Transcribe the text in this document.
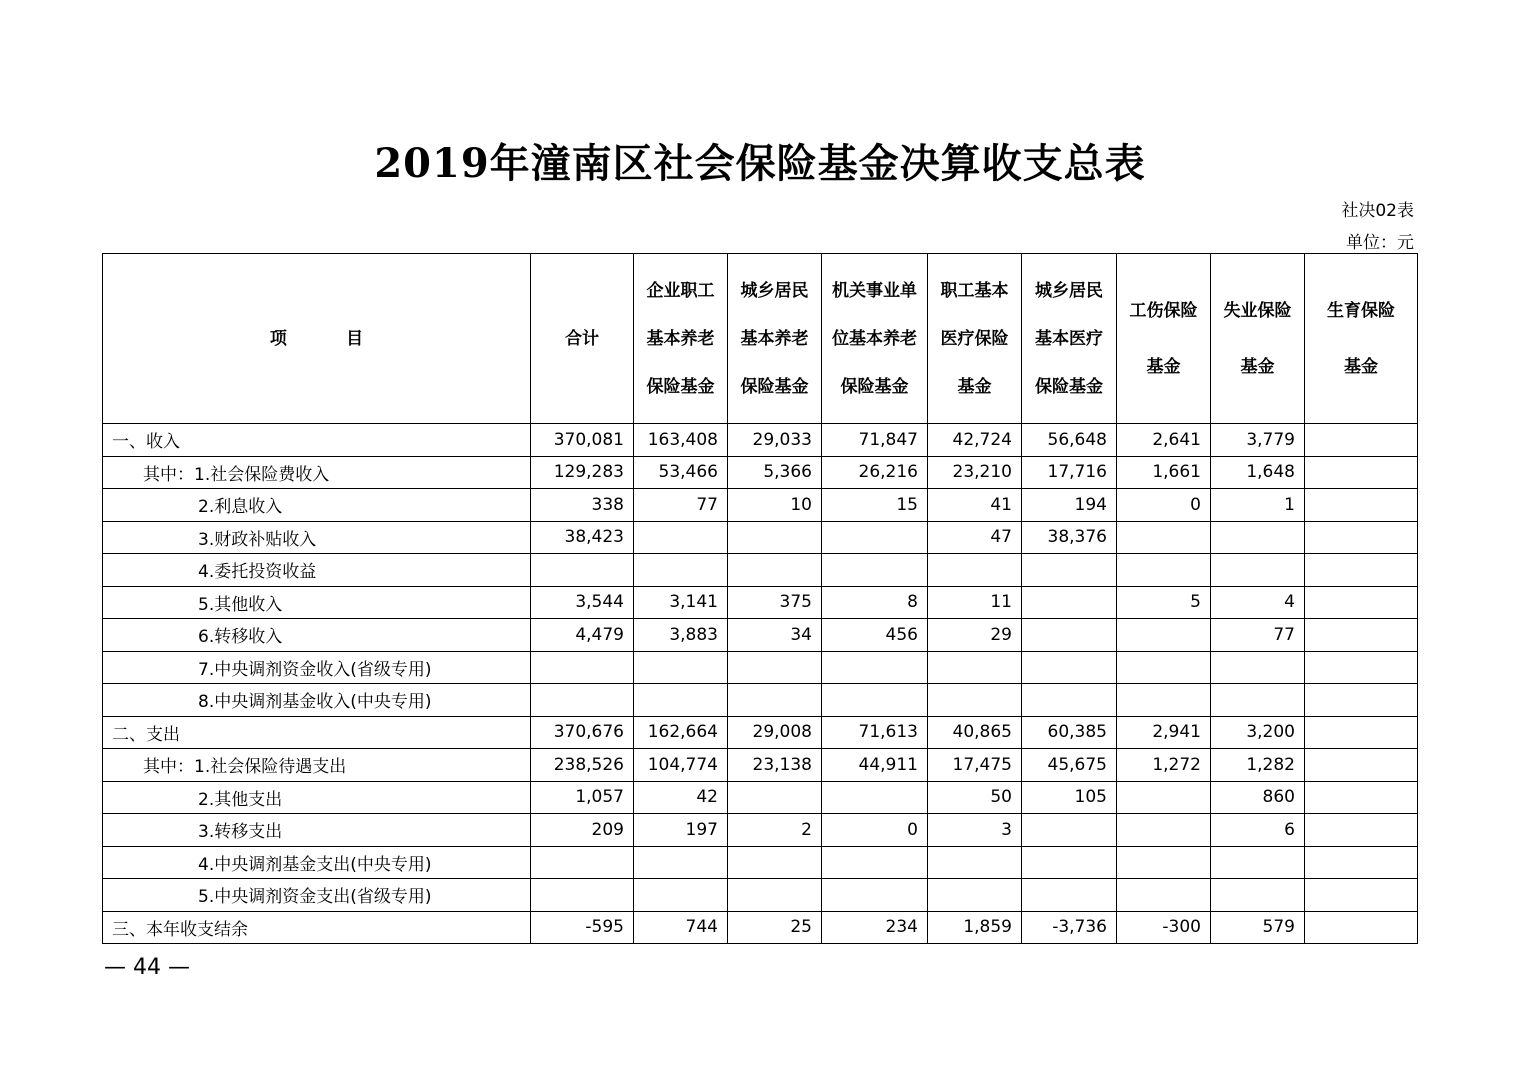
2019年潼南区社会保险基金决算收支总表
社决02表
单位：元
项          目	合计	企业职工
基本养老
保险基金	城乡居民
基本养老
保险基金	机关事业单
位基本养老
保险基金	职工基本
医疗保险
基金	城乡居民
基本医疗
保险基金	工伤保险
基金	失业保险
基金	生育保险
基金

一、收入	370,081	163,408	29,033	71,847	42,724	56,648	2,641	3,779	
其中：1.社会保险费收入	129,283	53,466	5,366	26,216	23,210	17,716	1,661	1,648	
2.利息收入	338	77	10	15	41	194	0	1	
3.财政补贴收入	38,423				47	38,376			
4.委托投资收益									
5.其他收入	3,544	3,141	375	8	11		5	4	
6.转移收入	4,479	3,883	34	456	29			77	
7.中央调剂资金收入(省级专用)									
8.中央调剂基金收入(中央专用)									
二、支出	370,676	162,664	29,008	71,613	40,865	60,385	2,941	3,200	
其中：1.社会保险待遇支出	238,526	104,774	23,138	44,911	17,475	45,675	1,272	1,282	
2.其他支出	1,057	42			50	105		860	
3.转移支出	209	197	2	0	3			6	
4.中央调剂基金支出(中央专用)									
5.中央调剂资金支出(省级专用)									
三、本年收支结余	-595	744	25	234	1,859	-3,736	-300	579	
— 44 —
